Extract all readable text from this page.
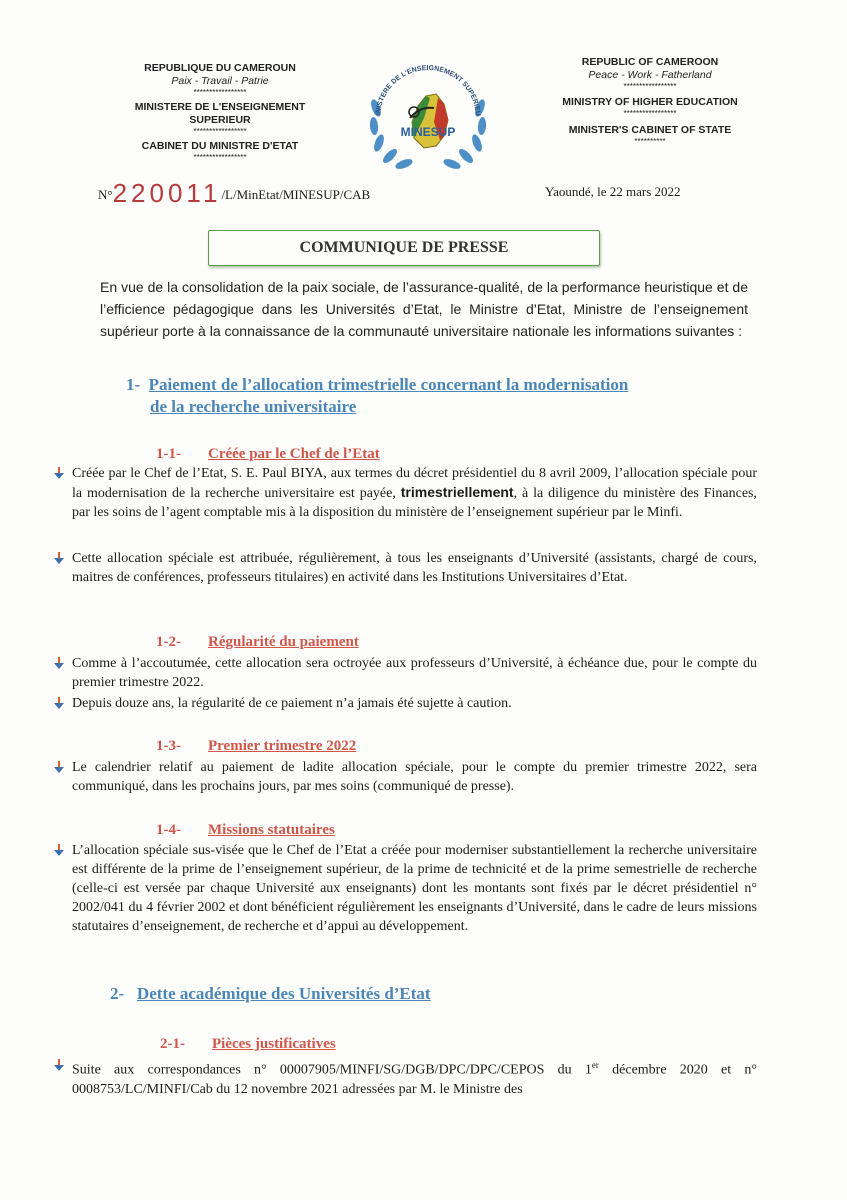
REPUBLIQUE DU CAMEROUN
Paix - Travail - Patrie
*****************
MINISTERE DE L'ENSEIGNEMENT
SUPERIEUR
*****************
CABINET DU MINISTRE D'ETAT
*****************
INISTERE DE L'ENSEIGNEMENT SUPERIEU
MINESUP
REPUBLIC OF CAMEROON
Peace - Work - Fatherland
*****************
MINISTRY OF HIGHER EDUCATION
*****************
MINISTER'S CABINET OF STATE
**********
N°220011/L/MinEtat/MINESUP/CAB	Yaoundé, le 22 mars 2022
COMMUNIQUE DE PRESSE
En vue de la consolidation de la paix sociale, de l’assurance-qualité, de la performance heuristique et de l’efficience pédagogique dans les Universités d’Etat, le Ministre d’Etat, Ministre de l’enseignement supérieur porte à la connaissance de la communauté universitaire nationale les informations suivantes :
1- Paiement de l’allocation trimestrielle concernant la modernisation
de la recherche universitaire
1-1- Créée par le Chef de l’Etat
Créée par le Chef de l’Etat, S. E. Paul BIYA, aux termes du décret présidentiel du 8 avril 2009, l’allocation spéciale pour la modernisation de la recherche universitaire est payée, trimestriellement, à la diligence du ministère des Finances, par les soins de l’agent comptable mis à la disposition du ministère de l’enseignement supérieur par le Minfi.
Cette allocation spéciale est attribuée, régulièrement, à tous les enseignants d’Université (assistants, chargé de cours, maitres de conférences, professeurs titulaires) en activité dans les Institutions Universitaires d’Etat.
1-2- Régularité du paiement
Comme à l’accoutumée, cette allocation sera octroyée aux professeurs d’Université, à échéance due, pour le compte du premier trimestre 2022.
Depuis douze ans, la régularité de ce paiement n’a jamais été sujette à caution.
1-3- Premier trimestre 2022
Le calendrier relatif au paiement de ladite allocation spéciale, pour le compte du premier trimestre 2022, sera communiqué, dans les prochains jours, par mes soins (communiqué de presse).
1-4- Missions statutaires
L’allocation spéciale sus-visée que le Chef de l’Etat a créée pour moderniser substantiellement la recherche universitaire est différente de la prime de l’enseignement supérieur, de la prime de technicité et de la prime semestrielle de recherche (celle-ci est versée par chaque Université aux enseignants) dont les montants sont fixés par le décret présidentiel n° 2002/041 du 4 février 2002 et dont bénéficient régulièrement les enseignants d’Université, dans le cadre de leurs missions statutaires d’enseignement, de recherche et d’appui au développement.
2- Dette académique des Universités d’Etat
2-1- Pièces justificatives
Suite aux correspondances n° 00007905/MINFI/SG/DGB/DPC/DPC/CEPOS du 1er décembre 2020 et n° 0008753/LC/MINFI/Cab du 12 novembre 2021 adressées par M. le Ministre des
